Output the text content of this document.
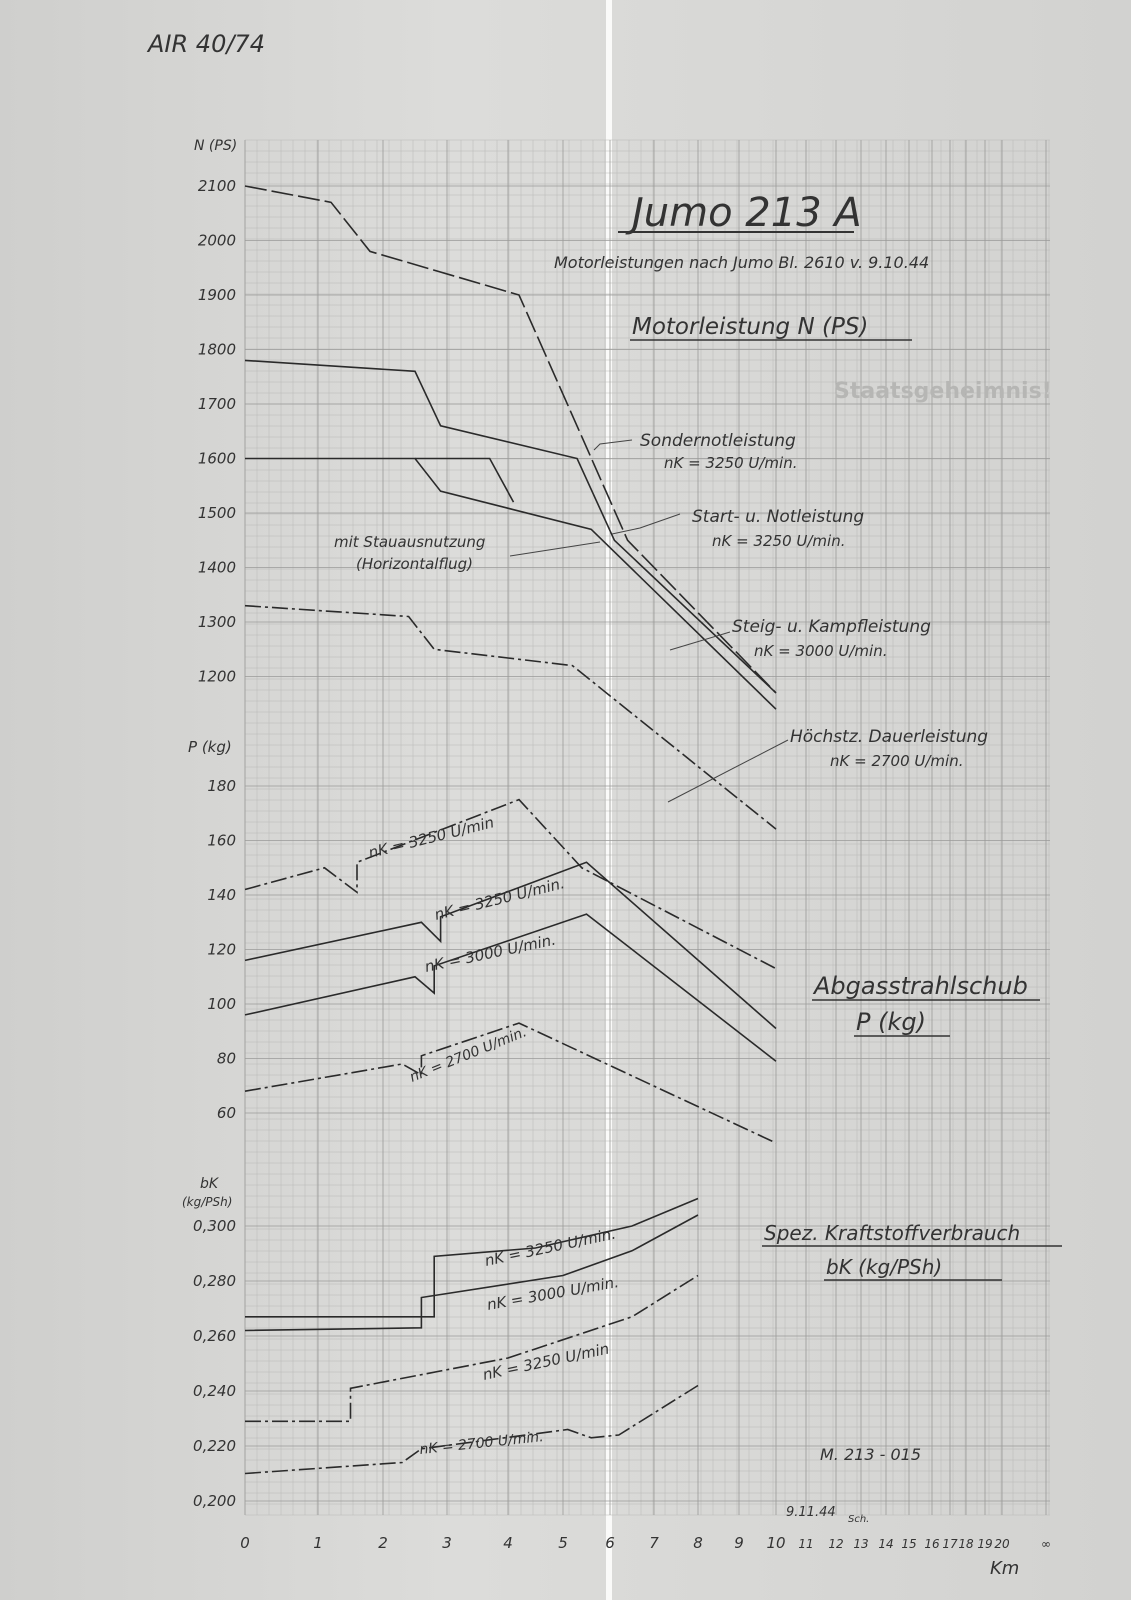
2100
2000
1900
1800
1700
1600
1500
1400
1300
1200
180
160
140
120
100
80
60
0,300
0,280
0,260
0,240
0,220
0,200
0	1	2	3	4	5 6 7 8 9 10 11 12 13 14 15 16 17 18 19 20	∞
AIR 40/74
Jumo 213 A
Motorleistungen nach Jumo Bl. 2610 v. 9.10.44
Staatsgeheimnis!
Motorleistung N (PS)
Sondernotleistung
nK = 3250 U/min.
Start- u. Notleistung
nK = 3250 U/min.
Steig- u. Kampfleistung
nK = 3000 U/min.
Höchstz. Dauerleistung
nK = 2700 U/min.
mit Stauausnutzung
(Horizontalflug)
nK = 3250 U/min
nK = 3250 U/min.
nK = 3000 U/min.
nK = 2700 U/min.
Abgasstrahlschub
P (kg)
nK = 3250 U/min.
nK = 3000 U/min.
nK = 3250 U/min
nK = 2700 U/min.
Spez. Kraftstoffverbrauch
bK (kg/PSh)
N (PS)
P (kg)
bK
(kg/PSh)
Km
M. 213 - 015
9.11.44 Sch.
